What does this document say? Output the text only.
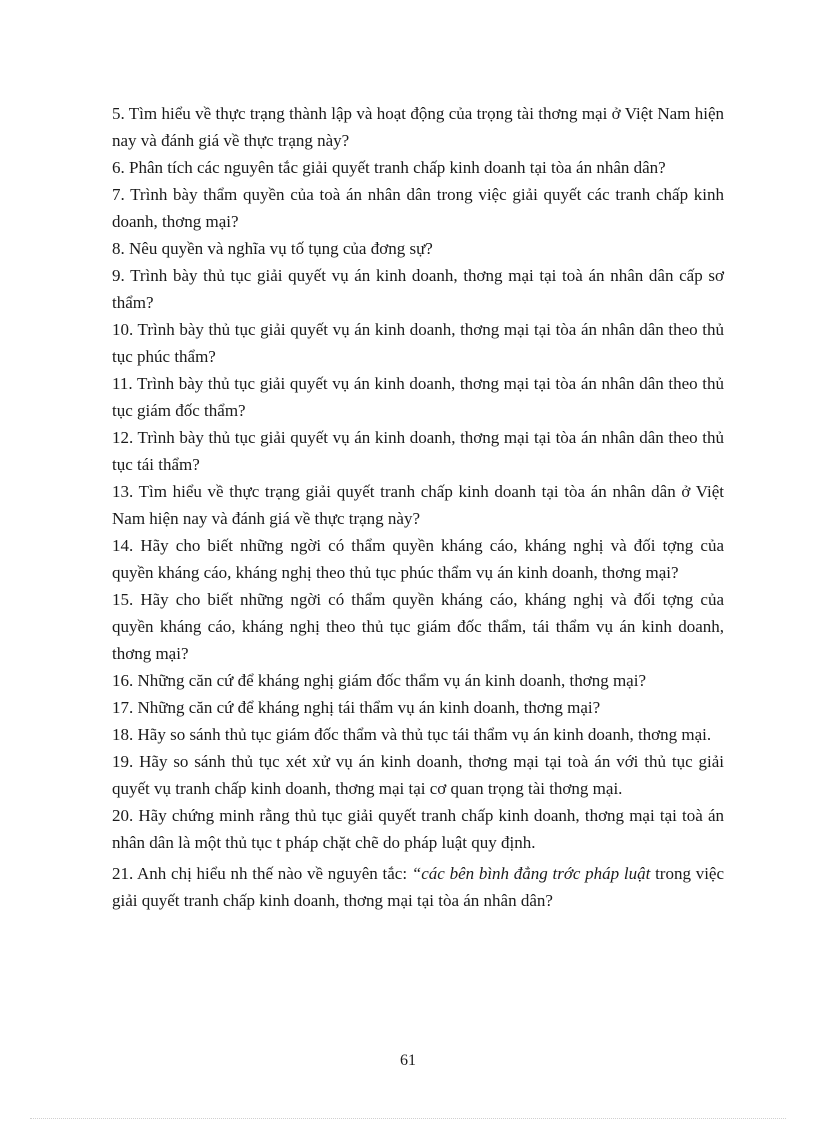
5. Tìm hiểu về thực trạng thành lập và hoạt động của trọng tài thơng mại ở Việt Nam hiện nay và đánh giá về thực trạng này?

6. Phân tích các nguyên tắc giải quyết tranh chấp kinh doanh tại tòa án nhân dân?

7. Trình bày thẩm quyền của toà án nhân dân trong việc giải quyết các tranh chấp kinh doanh, thơng mại?

8. Nêu quyền và nghĩa vụ tố tụng của đơng sự?

9. Trình bày thủ tục giải quyết vụ án kinh doanh, thơng mại tại toà án nhân dân cấp sơ thẩm?

10. Trình bày thủ tục giải quyết vụ án kinh doanh, thơng mại tại tòa án nhân dân theo thủ tục phúc thẩm?

11. Trình bày thủ tục giải quyết vụ án kinh doanh, thơng mại tại tòa án nhân dân theo thủ tục giám đốc thẩm?

12. Trình bày thủ tục giải quyết vụ án kinh doanh, thơng mại tại tòa án nhân dân theo thủ tục tái thẩm?

13. Tìm hiểu về thực trạng giải quyết tranh chấp kinh doanh tại tòa án nhân dân ở Việt Nam hiện nay và đánh giá về thực trạng này?

14. Hãy cho biết những ngời có thẩm quyền kháng cáo, kháng nghị và đối tợng của quyền kháng cáo, kháng nghị theo thủ tục phúc thẩm vụ án kinh doanh, thơng mại?

15. Hãy cho biết những ngời có thẩm quyền kháng cáo, kháng nghị và đối tợng của quyền kháng cáo, kháng nghị theo thủ tục giám đốc thẩm, tái thẩm vụ án kinh doanh, thơng mại?

16. Những căn cứ để kháng nghị giám đốc thẩm vụ án kinh doanh, thơng mại?

17. Những căn cứ để kháng nghị tái thẩm vụ án kinh doanh, thơng mại?

18. Hãy so sánh thủ tục giám đốc thẩm và thủ tục tái thẩm vụ án kinh doanh, thơng mại.

19. Hãy so sánh thủ tục xét xử vụ án kinh doanh, thơng mại tại toà án với thủ tục giải quyết vụ tranh chấp kinh doanh, thơng mại tại cơ quan trọng tài thơng mại.

20. Hãy chứng minh rằng thủ tục giải quyết tranh chấp kinh doanh, thơng mại tại toà án nhân dân là một thủ tục t pháp chặt chẽ do pháp luật quy định.

21. Anh chị hiểu nh thế nào về nguyên tắc: “các bên bình đẳng trớc pháp luật trong việc giải quyết tranh chấp kinh doanh, thơng mại tại tòa án nhân dân?

61
